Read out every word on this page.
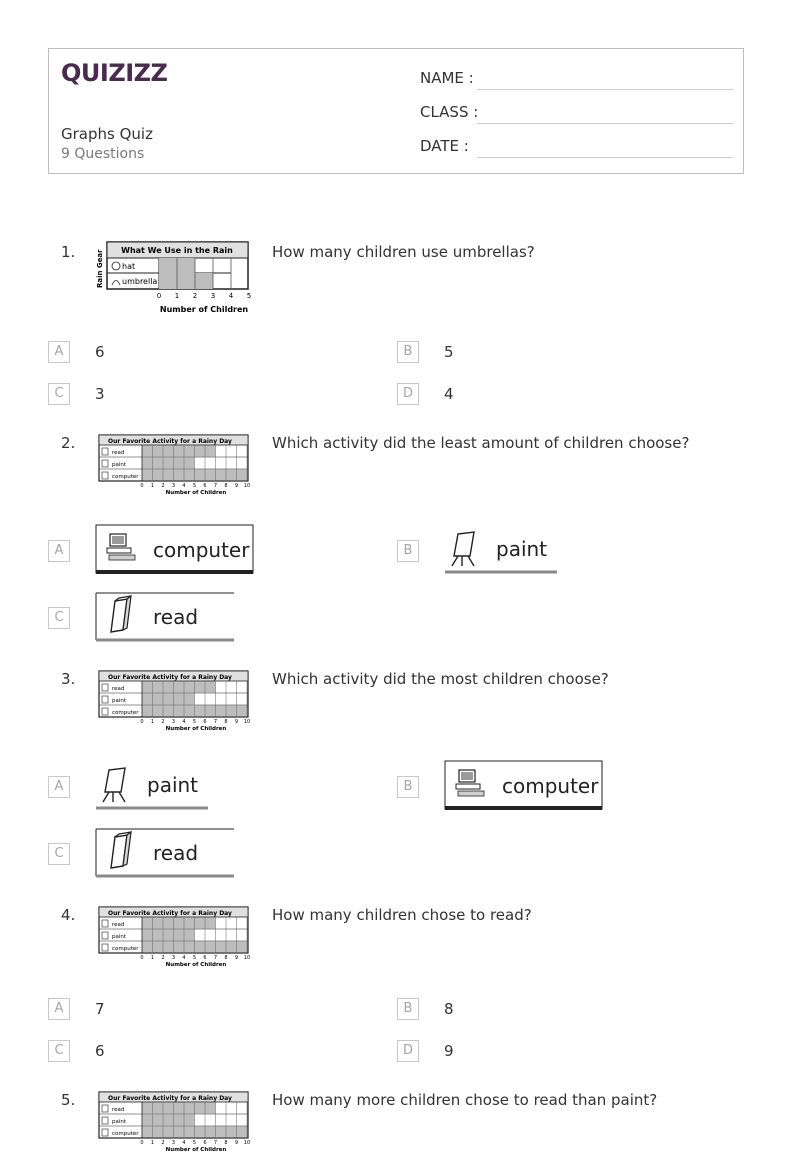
QUIZIZZ
Graphs Quiz
9 Questions
NAME :
CLASS :
DATE :
1.	Rain Gear What We Use in the Rain
hat
umbrella
0 1 2 3 4 5
Number of Children
How many children use umbrellas?
A	6	B	5
C	3	D	4
2.	Our Favorite Activity for a Rainy Day
read
paint
computer
0 1 2 3 4 5 6 7 8 9 10
Number of Children
Which activity did the least amount of children choose?
A	computer	B	paint
C	read
3.	Our Favorite Activity for a Rainy Day
read
paint
computer
0 1 2 3 4 5 6 7 8 9 10
Number of Children
Which activity did the most children choose?
A	paint	B	computer
C	read
4.	Our Favorite Activity for a Rainy Day
read
paint
computer
0 1 2 3 4 5 6 7 8 9 10
Number of Children
How many children chose to read?
A	7	B	8
C	6	D	9
5.	Our Favorite Activity for a Rainy Day
read
paint
computer
0 1 2 3 4 5 6 7 8 9 10
Number of Children
How many more children chose to read than paint?
